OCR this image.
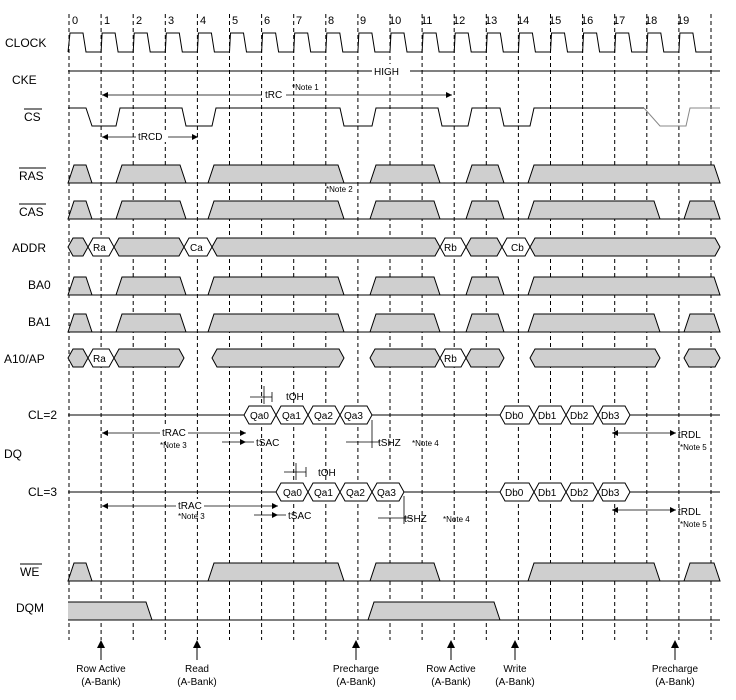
0 1 2 3 4 5 6 7 8 9 10 11 12 13 14 15 16 17 18 19
CLOCK
CKE
CS
RAS
CAS
ADDR
BA0
BA1
A10/AP
CL=2
DQ
CL=3
WE
DQM
HIGH
tRC
*Note 1
tRCD
*Note 2
Ra	Ca	Rb	Cb
Ra	Rb
Qa0 Qa1 Qa2 Qa3	Db0 Db1 Db2 Db3
Qa0 Qa1 Qa2 Qa3	Db0 Db1 Db2 Db3
tOH
tRAC
*Note 3	tSAC	tSHZ *Note 4
tRDL
*Note 5
tOH
tRAC
*Note 3	tSAC	tSHZ *Note 4
tRDL
*Note 5
Row Active
(A-Bank)
Read
(A-Bank)
Precharge
(A-Bank)
Row Active
(A-Bank)
Write
(A-Bank)
Precharge
(A-Bank)
